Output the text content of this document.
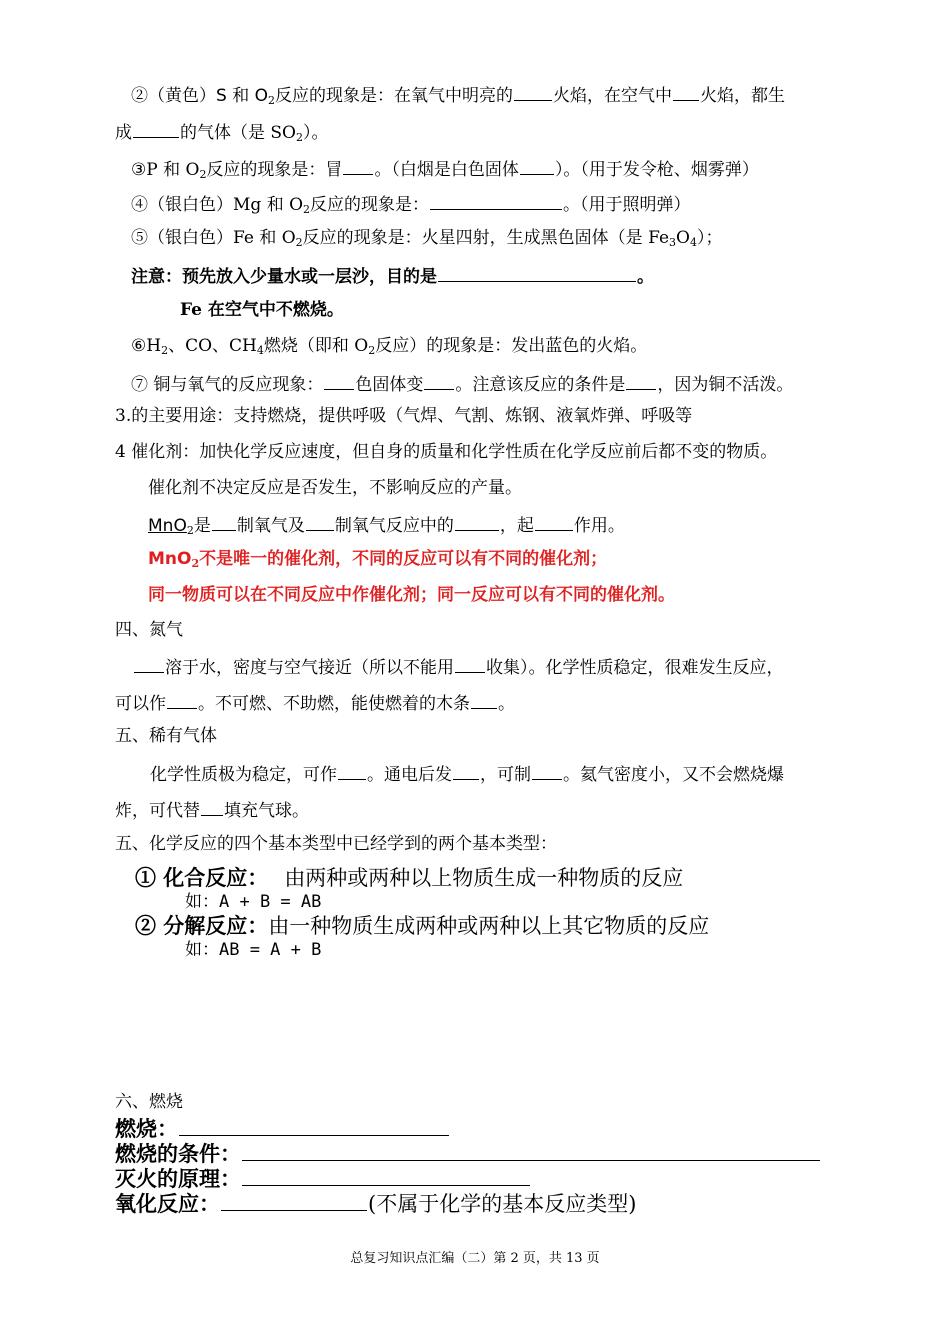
②（黄色）S 和 $O_2$反应的现象是：在氧气中明亮的 火焰，在空气中 火焰，都生
成	的气体（是 $SO_2$）。
③P 和 $O_2$反应的现象是：冒 。（白烟是白色固体 ）。（用于发令枪、烟雾弹）
④（银白色）Mg 和 $O_2$反应的现象是：	。（用于照明弹）
⑤（银白色）Fe 和 $O_2$反应的现象是：火星四射，生成黑色固体（是 $Fe_3O_4$）；
注意：预先放入少量水或一层沙，目的是	。
Fe 在空气中不燃烧。
$⑥H_2$、CO、$CH_4$燃烧（即和 $O_2$反应）的现象是：发出蓝色的火焰。
⑦ 铜与氧气的反应现象： 色固体变 。注意该反应的条件是 ，因为铜不活泼。
3.的主要用途：支持燃烧，提供呼吸（气焊、气割、炼钢、液氧炸弹、呼吸等
4 催化剂：加快化学反应速度，但自身的质量和化学性质在化学反应前后都不变的物质。
催化剂不决定反应是否发生，不影响反应的产量。
MnO$_2$是 制氧气及 制氧气反应中的	，起 作用。
MnO$_2$不是唯一的催化剂，不同的反应可以有不同的催化剂；
同一物质可以在不同反应中作催化剂；同一反应可以有不同的催化剂。
四、氮气
溶于水，密度与空气接近（所以不能用 收集）。化学性质稳定，很难发生反应，
可以作 。不可燃、不助燃，能使燃着的木条 。
五、稀有气体
化学性质极为稳定，可作 。通电后发 ，可制 。氦气密度小，又不会燃烧爆
炸，可代替 填充气球。
五、化学反应的四个基本类型中已经学到的两个基本类型：
① 化合反应： 由两种或两种以上物质生成一种物质的反应
如：A + B = AB
② 分解反应：由一种物质生成两种或两种以上其它物质的反应
如：AB = A + B
六、燃烧
燃烧：
燃烧的条件：
灭火的原理：
氧化反应：	(不属于化学的基本反应类型)
总复习知识点汇编（二）第 2 页，共 13 页
